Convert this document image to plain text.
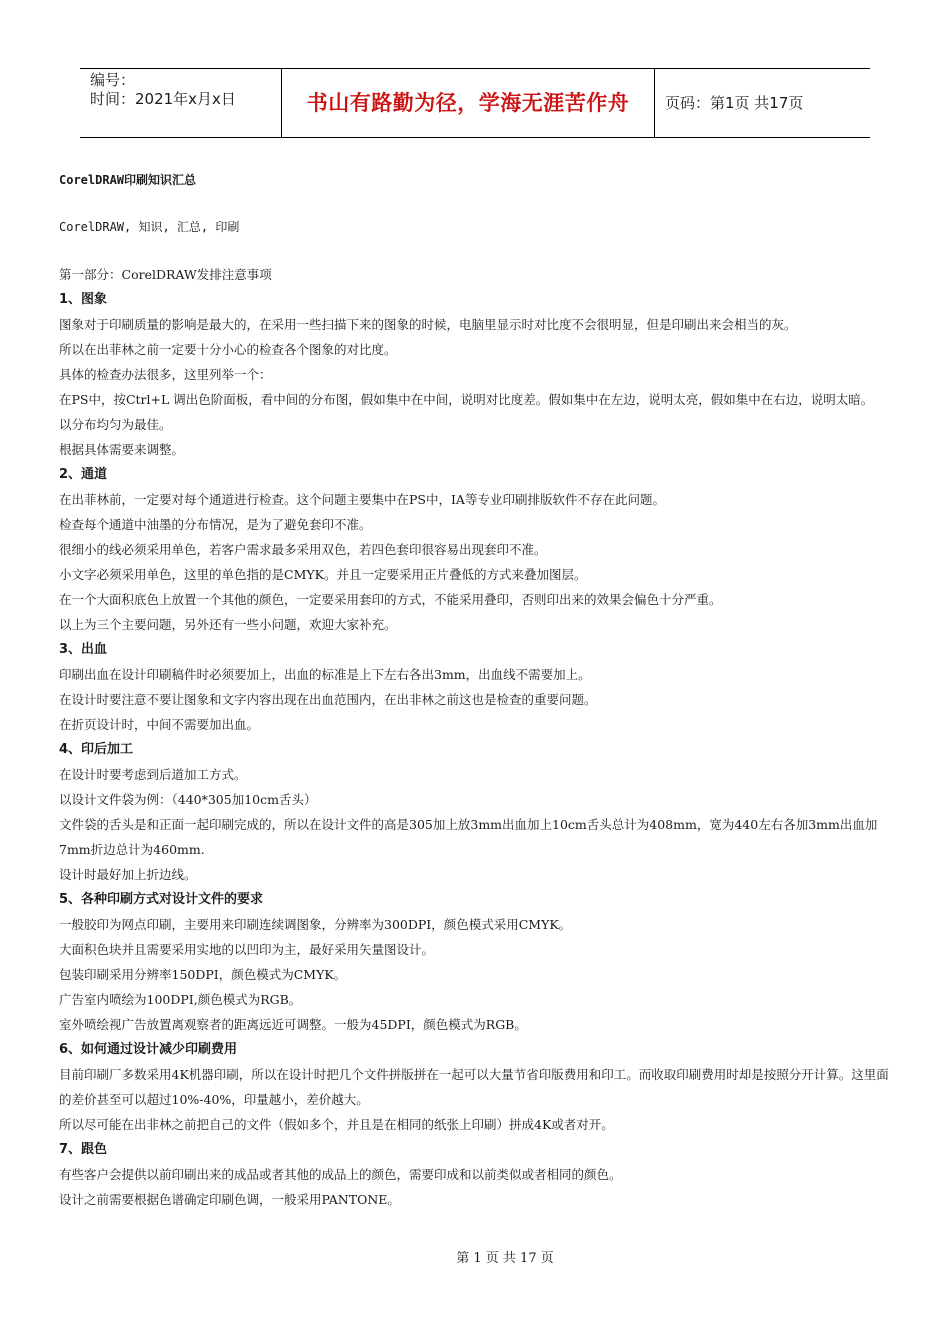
编号：
时间：2021年x月x日	书山有路勤为径，学海无涯苦作舟	页码：第1页 共17页
CorelDRAW印刷知识汇总
CorelDRAW, 知识, 汇总, 印刷
第一部分：CorelDRAW发排注意事项
1、图象
图象对于印刷质量的影响是最大的，在采用一些扫描下来的图象的时候，电脑里显示时对比度不会很明显，但是印刷出来会相当的灰。
所以在出菲林之前一定要十分小心的检查各个图象的对比度。
具体的检查办法很多，这里列举一个：
在PS中，按Ctrl+L 调出色阶面板，看中间的分布图，假如集中在中间，说明对比度差。假如集中在左边，说明太亮，假如集中在右边，说明太暗。
以分布均匀为最佳。
根据具体需要来调整。
2、通道
在出菲林前，一定要对每个通道进行检查。这个问题主要集中在PS中，IA等专业印刷排版软件不存在此问题。
检查每个通道中油墨的分布情况，是为了避免套印不准。
很细小的线必须采用单色，若客户需求最多采用双色，若四色套印很容易出现套印不准。
小文字必须采用单色，这里的单色指的是CMYK。并且一定要采用正片叠低的方式来叠加图层。
在一个大面积底色上放置一个其他的颜色，一定要采用套印的方式，不能采用叠印，否则印出来的效果会偏色十分严重。
以上为三个主要问题，另外还有一些小问题，欢迎大家补充。
3、出血
印刷出血在设计印刷稿件时必须要加上，出血的标准是上下左右各出3mm，出血线不需要加上。
在设计时要注意不要让图象和文字内容出现在出血范围内，在出非林之前这也是检查的重要问题。
在折页设计时，中间不需要加出血。
4、印后加工
在设计时要考虑到后道加工方式。
以设计文件袋为例：（440*305加10cm舌头）
文件袋的舌头是和正面一起印刷完成的，所以在设计文件的高是305加上放3mm出血加上10cm舌头总计为408mm，宽为440左右各加3mm出血加7mm折边总计为460mm.
设计时最好加上折边线。
5、各种印刷方式对设计文件的要求
一般胶印为网点印刷，主要用来印刷连续调图象，分辨率为300DPI，颜色模式采用CMYK。
大面积色块并且需要采用实地的以凹印为主，最好采用矢量图设计。
包装印刷采用分辨率150DPI，颜色模式为CMYK。
广告室内喷绘为100DPI,颜色模式为RGB。
室外喷绘视广告放置离观察者的距离远近可调整。一般为45DPI，颜色模式为RGB。
6、如何通过设计减少印刷费用
目前印刷厂多数采用4K机器印刷，所以在设计时把几个文件拼版拼在一起可以大量节省印版费用和印工。而收取印刷费用时却是按照分开计算。这里面的差价甚至可以超过10%-40%，印量越小，差价越大。
所以尽可能在出非林之前把自己的文件（假如多个，并且是在相同的纸张上印刷）拼成4K或者对开。
7、跟色
有些客户会提供以前印刷出来的成品或者其他的成品上的颜色，需要印成和以前类似或者相同的颜色。
设计之前需要根据色谱确定印刷色调，一般采用PANTONE。
第 1 页 共 17 页
